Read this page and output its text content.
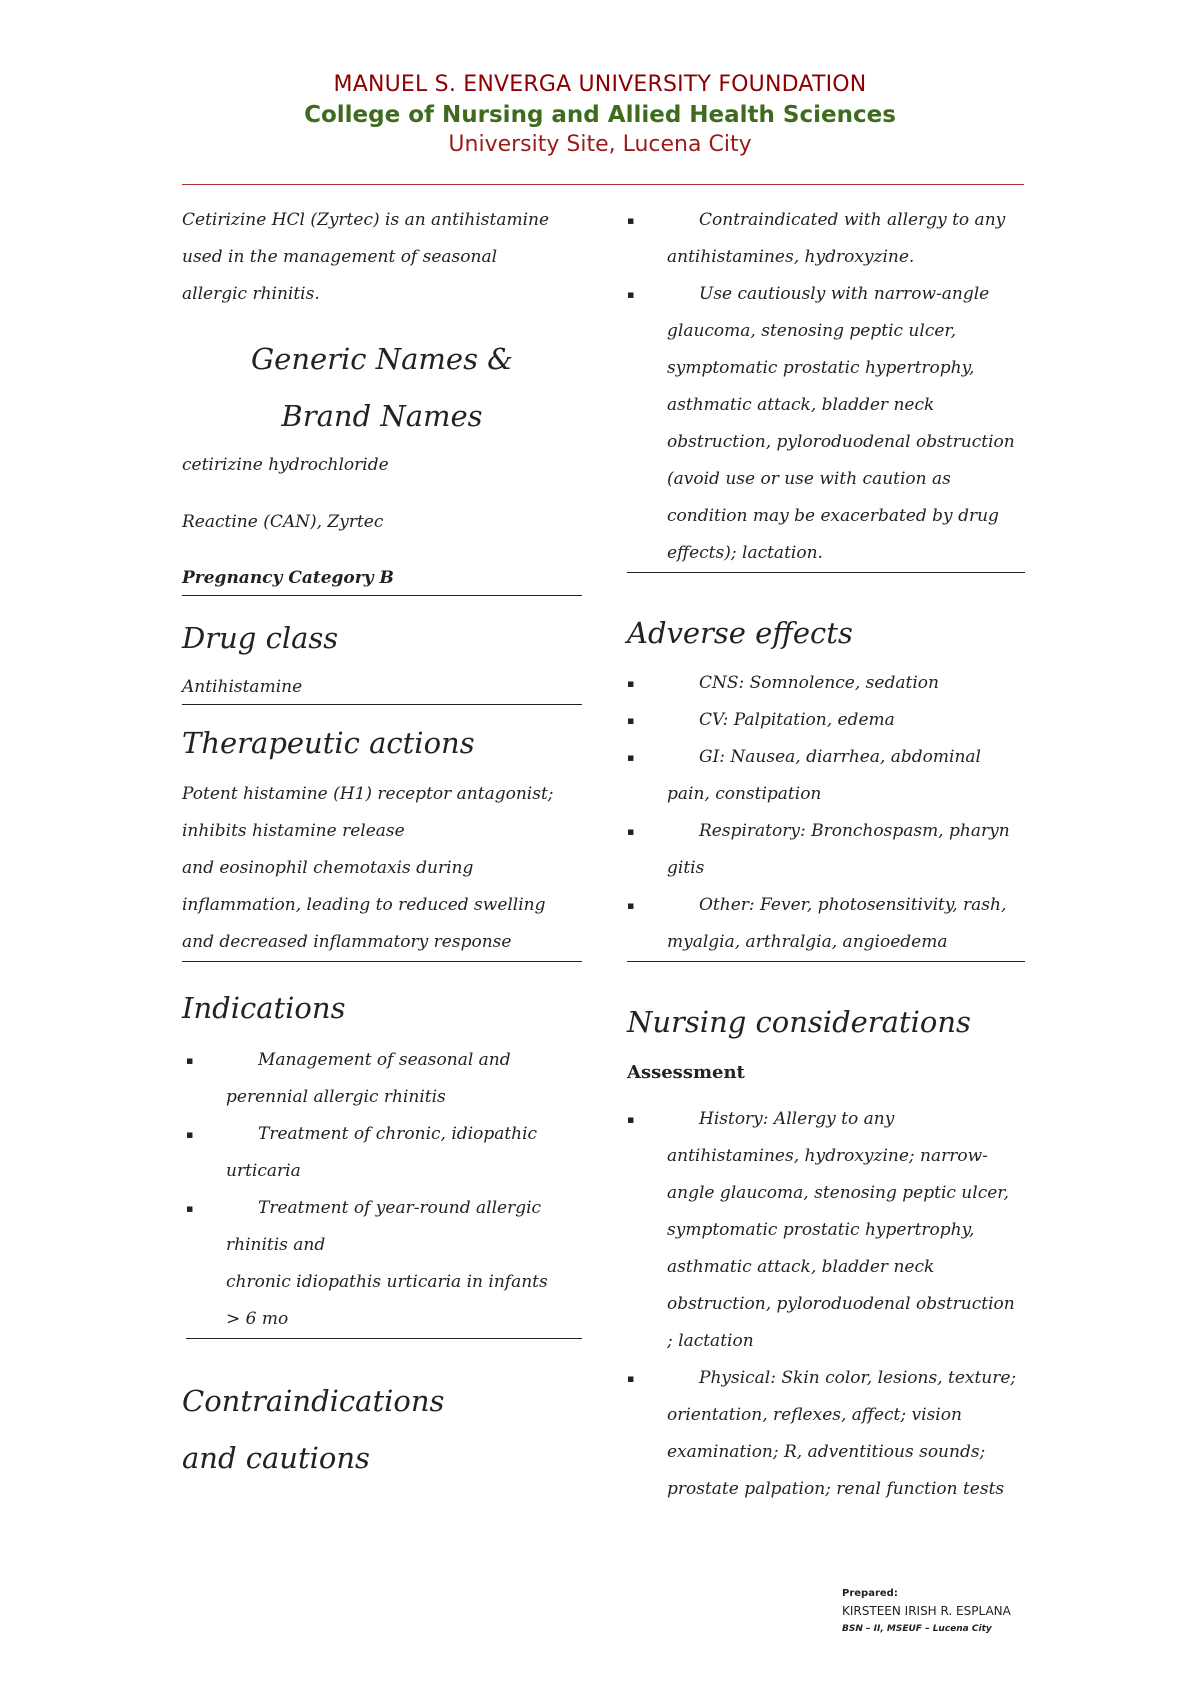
MANUEL S. ENVERGA UNIVERSITY FOUNDATION
College of Nursing and Allied Health Sciences
University Site, Lucena City

Cetirizine HCl (Zyrtec) is an antihistamine used in the management of seasonal allergic rhinitis.

Generic Names & Brand Names

cetirizine hydrochloride

Reactine (CAN), Zyrtec

Pregnancy Category B

Drug class

Antihistamine

Therapeutic actions

Potent histamine (H1) receptor antagonist; inhibits histamine release

and eosinophil chemotaxis during inflammation, leading to reduced swelling and decreased inflammatory response

Indications
▪	Management of seasonal and perennial allergic rhinitis
▪	Treatment of chronic, idiopathic urticaria
▪	Treatment of year-round allergic rhinitis and

chronic idiopathis urticaria in infants > 6 mo

Contraindications and cautions
▪	Contraindicated with allergy to any antihistamines, hydroxyzine.
▪	Use cautiously with narrow-angle glaucoma, stenosing peptic ulcer, symptomatic prostatic hypertrophy, asthmatic attack, bladder neck obstruction, pyloroduodenal obstruction (avoid use or use with caution as condition may be exacerbated by drug effects); lactation.
Adverse effects
▪	CNS: Somnolence, sedation
▪	CV: Palpitation, edema
▪	GI: Nausea, diarrhea, abdominal pain, constipation
▪	Respiratory: Bronchospasm, pharyn gitis
▪	Other: Fever, photosensitivity, rash, myalgia, arthralgia, angioedema
Nursing considerations

Assessment

▪	History: Allergy to any antihistamines, hydroxyzine; narrow-angle glaucoma, stenosing peptic ulcer, symptomatic prostatic hypertrophy, asthmatic attack, bladder neck obstruction, pyloroduodenal obstruction ; lactation
▪	Physical: Skin color, lesions, texture; orientation, reflexes, affect; vision examination; R, adventitious sounds; prostate palpation; renal function tests
Prepared:
KIRSTEEN IRISH R. ESPLANA
BSN – II, MSEUF – Lucena City
